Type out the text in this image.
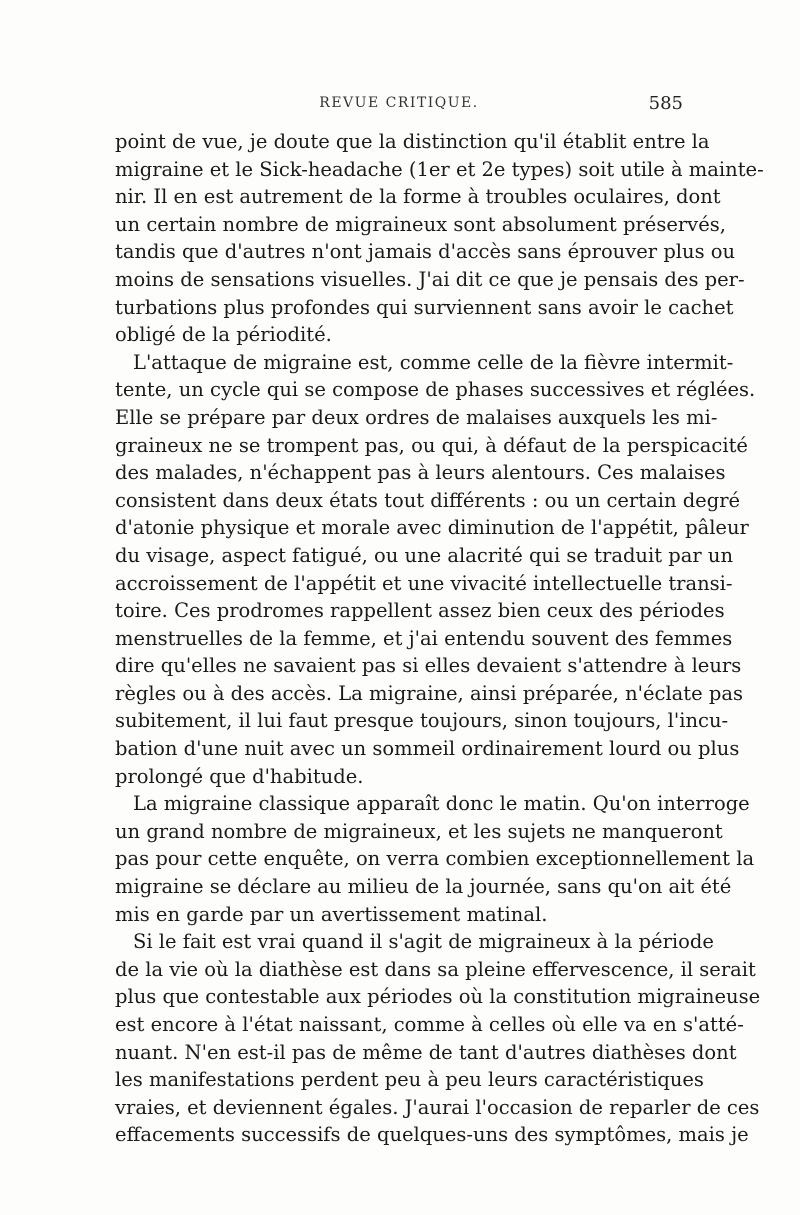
REVUE CRITIQUE.	585
point de vue, je doute que la distinction qu'il établit entre la
migraine et le Sick-headache (1er et 2e types) soit utile à mainte-
nir. Il en est autrement de la forme à troubles oculaires, dont
un certain nombre de migraineux sont absolument préservés,
tandis que d'autres n'ont jamais d'accès sans éprouver plus ou
moins de sensations visuelles. J'ai dit ce que je pensais des per-
turbations plus profondes qui surviennent sans avoir le cachet
obligé de la périodité.
L'attaque de migraine est, comme celle de la fièvre intermit-
tente, un cycle qui se compose de phases successives et réglées.
Elle se prépare par deux ordres de malaises auxquels les mi-
graineux ne se trompent pas, ou qui, à défaut de la perspicacité
des malades, n'échappent pas à leurs alentours. Ces malaises
consistent dans deux états tout différents : ou un certain degré
d'atonie physique et morale avec diminution de l'appétit, pâleur
du visage, aspect fatigué, ou une alacrité qui se traduit par un
accroissement de l'appétit et une vivacité intellectuelle transi-
toire. Ces prodromes rappellent assez bien ceux des périodes
menstruelles de la femme, et j'ai entendu souvent des femmes
dire qu'elles ne savaient pas si elles devaient s'attendre à leurs
règles ou à des accès. La migraine, ainsi préparée, n'éclate pas
subitement, il lui faut presque toujours, sinon toujours, l'incu-
bation d'une nuit avec un sommeil ordinairement lourd ou plus
prolongé que d'habitude.
La migraine classique apparaît donc le matin. Qu'on interroge
un grand nombre de migraineux, et les sujets ne manqueront
pas pour cette enquête, on verra combien exceptionnellement la
migraine se déclare au milieu de la journée, sans qu'on ait été
mis en garde par un avertissement matinal.
Si le fait est vrai quand il s'agit de migraineux à la période
de la vie où la diathèse est dans sa pleine effervescence, il serait
plus que contestable aux périodes où la constitution migraineuse
est encore à l'état naissant, comme à celles où elle va en s'atté-
nuant. N'en est-il pas de même de tant d'autres diathèses dont
les manifestations perdent peu à peu leurs caractéristiques
vraies, et deviennent égales. J'aurai l'occasion de reparler de ces
effacements successifs de quelques-uns des symptômes, mais je
